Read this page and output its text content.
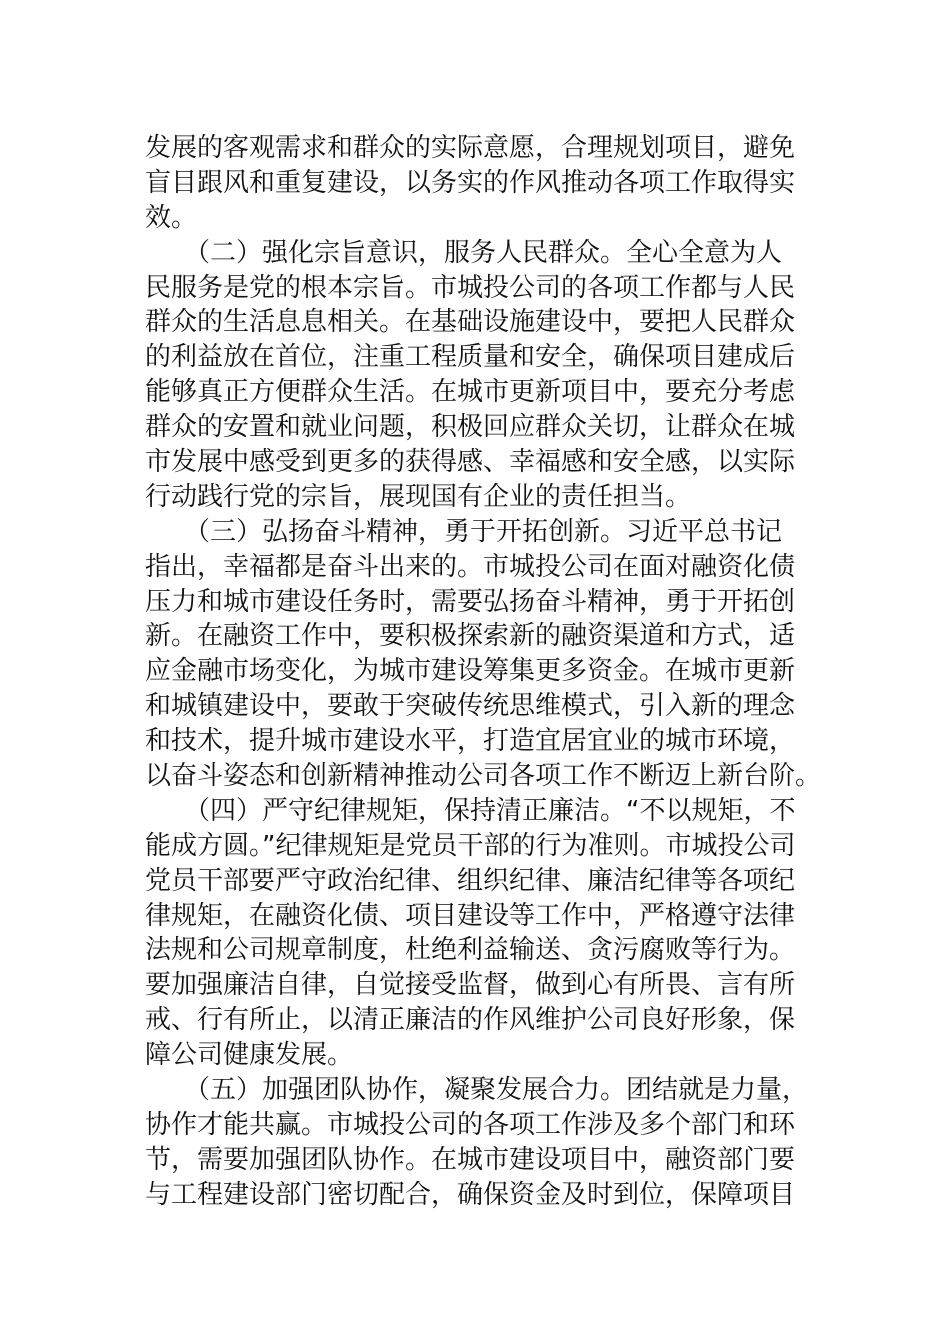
发展的客观需求和群众的实际意愿，合理规划项目，避免
盲目跟风和重复建设，以务实的作风推动各项工作取得实
效。
　　（二）强化宗旨意识，服务人民群众。全心全意为人
民服务是党的根本宗旨。市城投公司的各项工作都与人民
群众的生活息息相关。在基础设施建设中，要把人民群众
的利益放在首位，注重工程质量和安全，确保项目建成后
能够真正方便群众生活。在城市更新项目中，要充分考虑
群众的安置和就业问题，积极回应群众关切，让群众在城
市发展中感受到更多的获得感、幸福感和安全感，以实际
行动践行党的宗旨，展现国有企业的责任担当。
　　（三）弘扬奋斗精神，勇于开拓创新。习近平总书记
指出，幸福都是奋斗出来的。市城投公司在面对融资化债
压力和城市建设任务时，需要弘扬奋斗精神，勇于开拓创
新。在融资工作中，要积极探索新的融资渠道和方式，适
应金融市场变化，为城市建设筹集更多资金。在城市更新
和城镇建设中，要敢于突破传统思维模式，引入新的理念
和技术，提升城市建设水平，打造宜居宜业的城市环境，
以奋斗姿态和创新精神推动公司各项工作不断迈上新台阶。
　　（四）严守纪律规矩，保持清正廉洁。“不以规矩，不
能成方圆。”纪律规矩是党员干部的行为准则。市城投公司
党员干部要严守政治纪律、组织纪律、廉洁纪律等各项纪
律规矩，在融资化债、项目建设等工作中，严格遵守法律
法规和公司规章制度，杜绝利益输送、贪污腐败等行为。
要加强廉洁自律，自觉接受监督，做到心有所畏、言有所
戒、行有所止，以清正廉洁的作风维护公司良好形象，保
障公司健康发展。
　　（五）加强团队协作，凝聚发展合力。团结就是力量，
协作才能共赢。市城投公司的各项工作涉及多个部门和环
节，需要加强团队协作。在城市建设项目中，融资部门要
与工程建设部门密切配合，确保资金及时到位，保障项目
